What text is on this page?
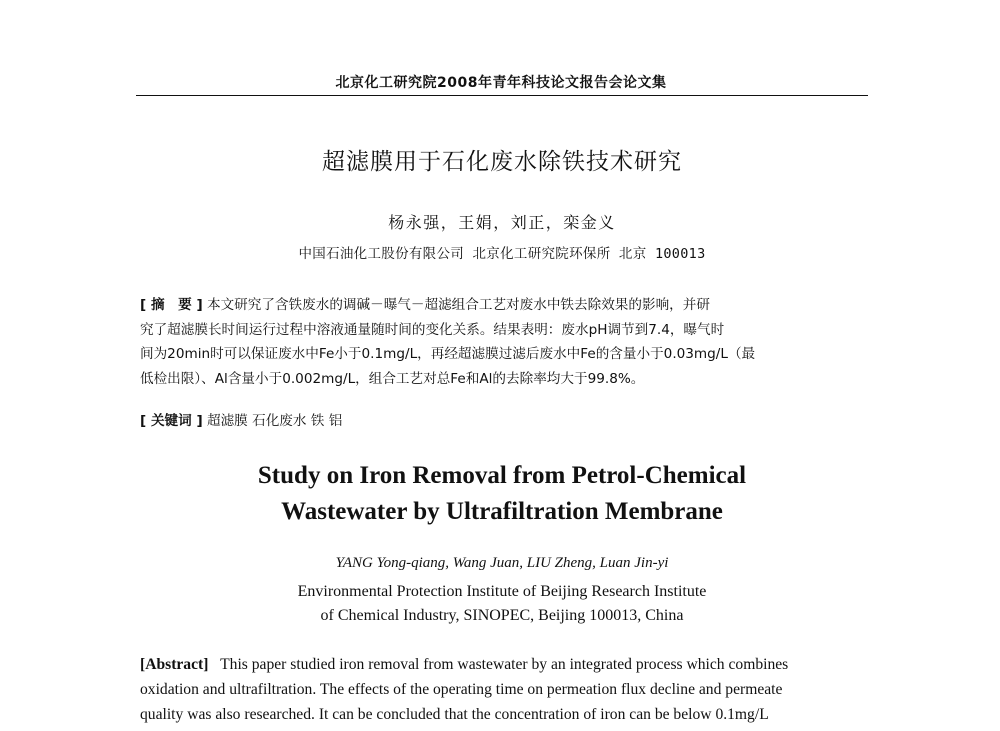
北京化工研究院2008年青年科技论文报告会论文集
超滤膜用于石化废水除铁技术研究
杨永强，王娟，刘正，栾金义
中国石油化工股份有限公司 北京化工研究院环保所 北京 100013
[ 摘　要 ] 本文研究了含铁废水的调碱－曝气－超滤组合工艺对废水中铁去除效果的影响，并研
究了超滤膜长时间运行过程中溶液通量随时间的变化关系。结果表明：废水pH调节到7.4，曝气时
间为20min时可以保证废水中Fe小于0.1mg/L，再经超滤膜过滤后废水中Fe的含量小于0.03mg/L（最
低检出限）、Al含量小于0.002mg/L，组合工艺对总Fe和Al的去除率均大于99.8%。
[ 关键词 ] 超滤膜 石化废水 铁 铝
Study on Iron Removal from Petrol-Chemical
Wastewater by Ultrafiltration Membrane
YANG Yong-qiang, Wang Juan, LIU Zheng, Luan Jin-yi
Environmental Protection Institute of Beijing Research Institute
of Chemical Industry, SINOPEC, Beijing 100013, China
[Abstract] This paper studied iron removal from wastewater by an integrated process which combines
oxidation and ultrafiltration. The effects of the operating time on permeation flux decline and permeate
quality was also researched. It can be concluded that the concentration of iron can be below 0.1mg/L
